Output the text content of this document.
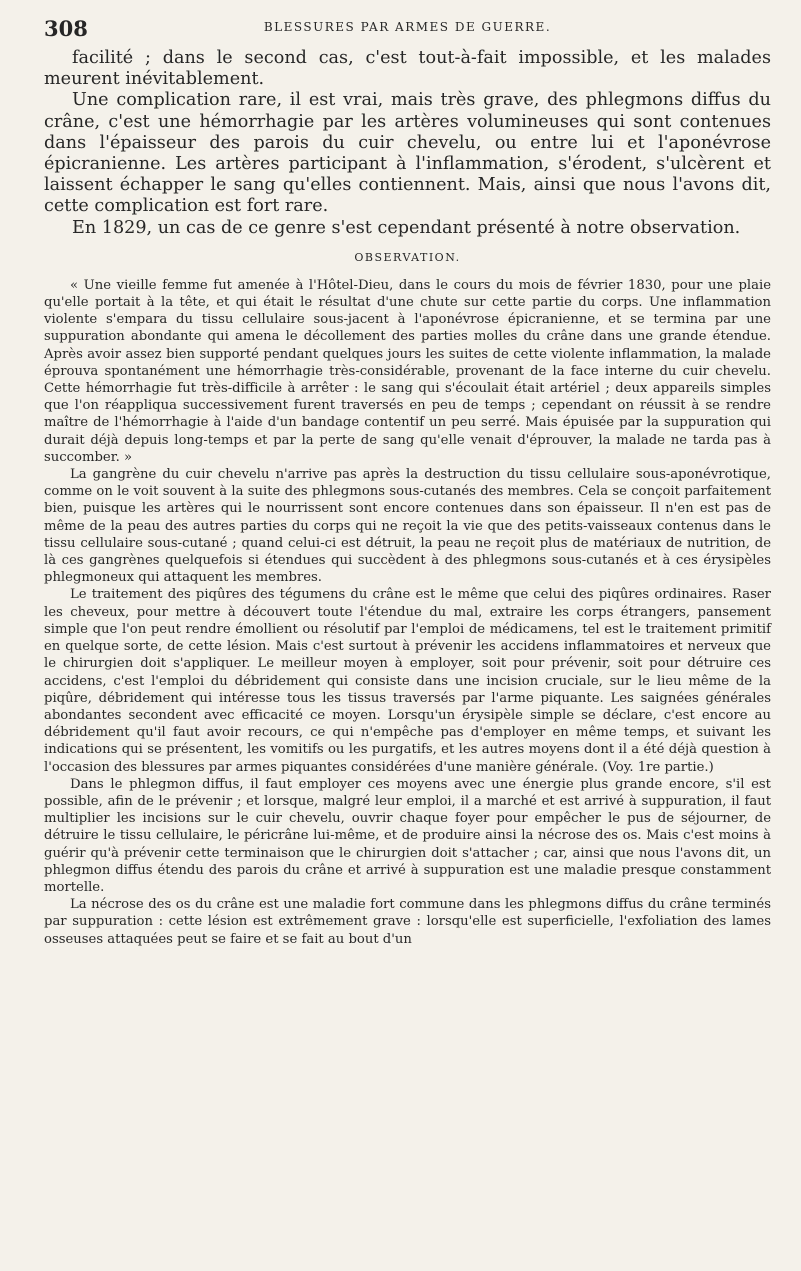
308	BLESSURES PAR ARMES DE GUERRE.

facilité ; dans le second cas, c'est tout-à-fait impossible, et les malades meurent inévitablement.

Une complication rare, il est vrai, mais très grave, des phlegmons diffus du crâne, c'est une hémorrhagie par les artères volumineuses qui sont contenues dans l'épaisseur des parois du cuir chevelu, ou entre lui et l'aponévrose épicranienne. Les artères participant à l'inflammation, s'érodent, s'ulcèrent et laissent échapper le sang qu'elles contiennent. Mais, ainsi que nous l'avons dit, cette complication est fort rare.

En 1829, un cas de ce genre s'est cependant présenté à notre observation.

OBSERVATION.

« Une vieille femme fut amenée à l'Hôtel-Dieu, dans le cours du mois de février 1830, pour une plaie qu'elle portait à la tête, et qui était le résultat d'une chute sur cette partie du corps. Une inflammation violente s'empara du tissu cellulaire sous-jacent à l'aponévrose épicranienne, et se termina par une suppuration abondante qui amena le décollement des parties molles du crâne dans une grande étendue. Après avoir assez bien supporté pendant quelques jours les suites de cette violente inflammation, la malade éprouva spontanément une hémorrhagie très-considérable, provenant de la face interne du cuir chevelu. Cette hémorrhagie fut très-difficile à arrêter : le sang qui s'écoulait était artériel ; deux appareils simples que l'on réappliqua successivement furent traversés en peu de temps ; cependant on réussit à se rendre maître de l'hémorrhagie à l'aide d'un bandage contentif un peu serré. Mais épuisée par la suppuration qui durait déjà depuis long-temps et par la perte de sang qu'elle venait d'éprouver, la malade ne tarda pas à succomber. »

La gangrène du cuir chevelu n'arrive pas après la destruction du tissu cellulaire sous-aponévrotique, comme on le voit souvent à la suite des phlegmons sous-cutanés des membres. Cela se conçoit parfaitement bien, puisque les artères qui le nourrissent sont encore contenues dans son épaisseur. Il n'en est pas de même de la peau des autres parties du corps qui ne reçoit la vie que des petits-vaisseaux contenus dans le tissu cellulaire sous-cutané ; quand celui-ci est détruit, la peau ne reçoit plus de matériaux de nutrition, de là ces gangrènes quelquefois si étendues qui succèdent à des phlegmons sous-cutanés et à ces érysipèles phlegmoneux qui attaquent les membres.

Le traitement des piqûres des tégumens du crâne est le même que celui des piqûres ordinaires. Raser les cheveux, pour mettre à découvert toute l'étendue du mal, extraire les corps étrangers, pansement simple que l'on peut rendre émollient ou résolutif par l'emploi de médicamens, tel est le traitement primitif en quelque sorte, de cette lésion. Mais c'est surtout à prévenir les accidens inflammatoires et nerveux que le chirurgien doit s'appliquer. Le meilleur moyen à employer, soit pour prévenir, soit pour détruire ces accidens, c'est l'emploi du débridement qui consiste dans une incision cruciale, sur le lieu même de la piqûre, débridement qui intéresse tous les tissus traversés par l'arme piquante. Les saignées générales abondantes secondent avec efficacité ce moyen. Lorsqu'un érysipèle simple se déclare, c'est encore au débridement qu'il faut avoir recours, ce qui n'empêche pas d'employer en même temps, et suivant les indications qui se présentent, les vomitifs ou les purgatifs, et les autres moyens dont il a été déjà question à l'occasion des blessures par armes piquantes considérées d'une manière générale. (Voy. 1re partie.)

Dans le phlegmon diffus, il faut employer ces moyens avec une énergie plus grande encore, s'il est possible, afin de le prévenir ; et lorsque, malgré leur emploi, il a marché et est arrivé à suppuration, il faut multiplier les incisions sur le cuir chevelu, ouvrir chaque foyer pour empêcher le pus de séjourner, de détruire le tissu cellulaire, le péricrâne lui-même, et de produire ainsi la nécrose des os. Mais c'est moins à guérir qu'à prévenir cette terminaison que le chirurgien doit s'attacher ; car, ainsi que nous l'avons dit, un phlegmon diffus étendu des parois du crâne et arrivé à suppuration est une maladie presque constamment mortelle.

La nécrose des os du crâne est une maladie fort commune dans les phlegmons diffus du crâne terminés par suppuration : cette lésion est extrêmement grave : lorsqu'elle est superficielle, l'exfoliation des lames osseuses attaquées peut se faire et se fait au bout d'un
